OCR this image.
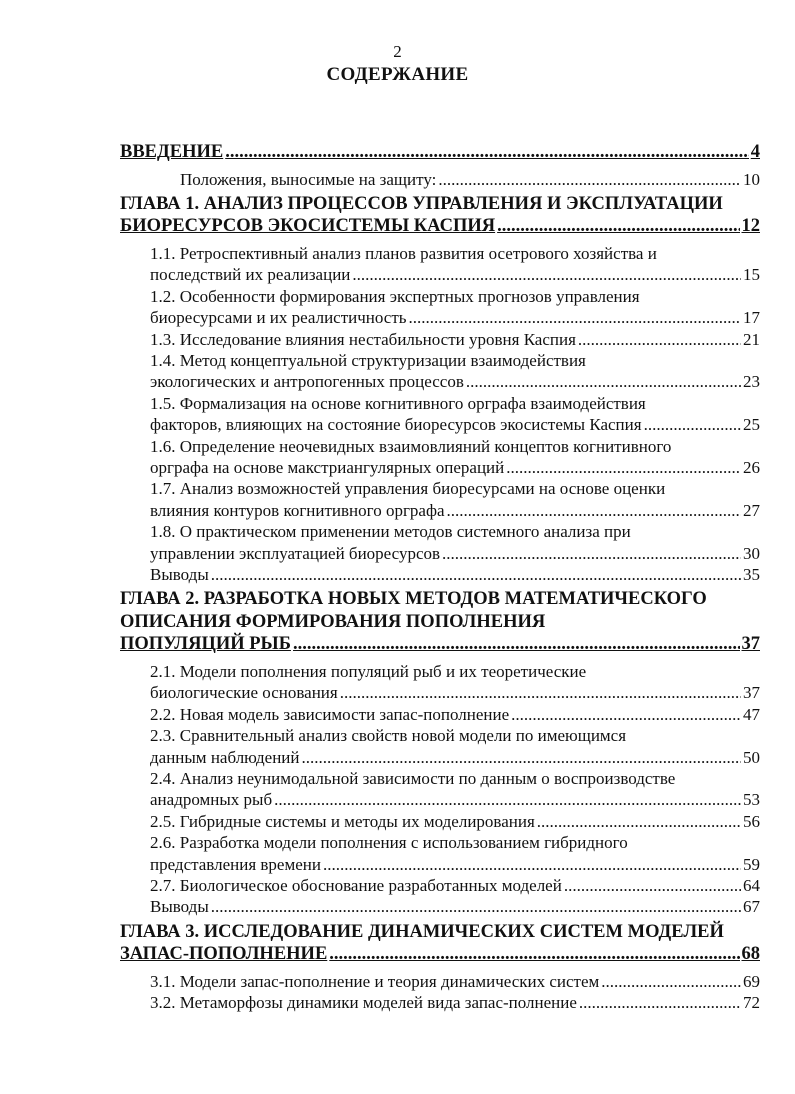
2
СОДЕРЖАНИЕ
ВВЕДЕНИЕ .....	4
Положения, выносимые на защиту: .....	10
ГЛАВА 1. АНАЛИЗ ПРОЦЕССОВ УПРАВЛЕНИЯ И ЭКСПЛУАТАЦИИ
БИОРЕСУРСОВ ЭКОСИСТЕМЫ КАСПИЯ .....	12
1.1. Ретроспективный анализ планов развития осетрового хозяйства и
последствий их реализации .....	15
1.2. Особенности формирования экспертных прогнозов управления
биоресурсами и их реалистичность .....	17
1.3. Исследование влияния нестабильности уровня Каспия .....	21
1.4. Метод концептуальной структуризации взаимодействия
экологических и антропогенных процессов .....	23
1.5. Формализация на основе когнитивного орграфа взаимодействия
факторов, влияющих на состояние биоресурсов экосистемы Каспия .....	25
1.6. Определение неочевидных взаимовлияний концептов когнитивного
орграфа на основе макстриангулярных операций .....	26
1.7. Анализ возможностей управления биоресурсами на основе оценки
влияния контуров когнитивного орграфа .....	27
1.8. О практическом применении методов системного анализа при
управлении эксплуатацией биоресурсов .....	30
Выводы .....	35
ГЛАВА 2. РАЗРАБОТКА НОВЫХ МЕТОДОВ МАТЕМАТИЧЕСКОГО
ОПИСАНИЯ ФОРМИРОВАНИЯ ПОПОЛНЕНИЯ
ПОПУЛЯЦИЙ РЫБ .....	37
2.1. Модели пополнения популяций рыб и их теоретические
биологические основания .....	37
2.2. Новая модель зависимости запас-пополнение .....	47
2.3. Сравнительный анализ свойств новой модели по имеющимся
данным наблюдений .....	50
2.4. Анализ неунимодальной зависимости по данным о воспроизводстве
анадромных рыб .....	53
2.5. Гибридные системы и методы их моделирования .....	56
2.6. Разработка модели пополнения с использованием гибридного
представления времени .....	59
2.7. Биологическое обоснование разработанных моделей .....	64
Выводы .....	67
ГЛАВА 3. ИССЛЕДОВАНИЕ ДИНАМИЧЕСКИХ СИСТЕМ МОДЕЛЕЙ
ЗАПАС-ПОПОЛНЕНИЕ .....	68
3.1. Модели запас-пополнение и теория динамических систем .....	69
3.2. Метаморфозы динамики моделей вида запас-полнение .....	72
